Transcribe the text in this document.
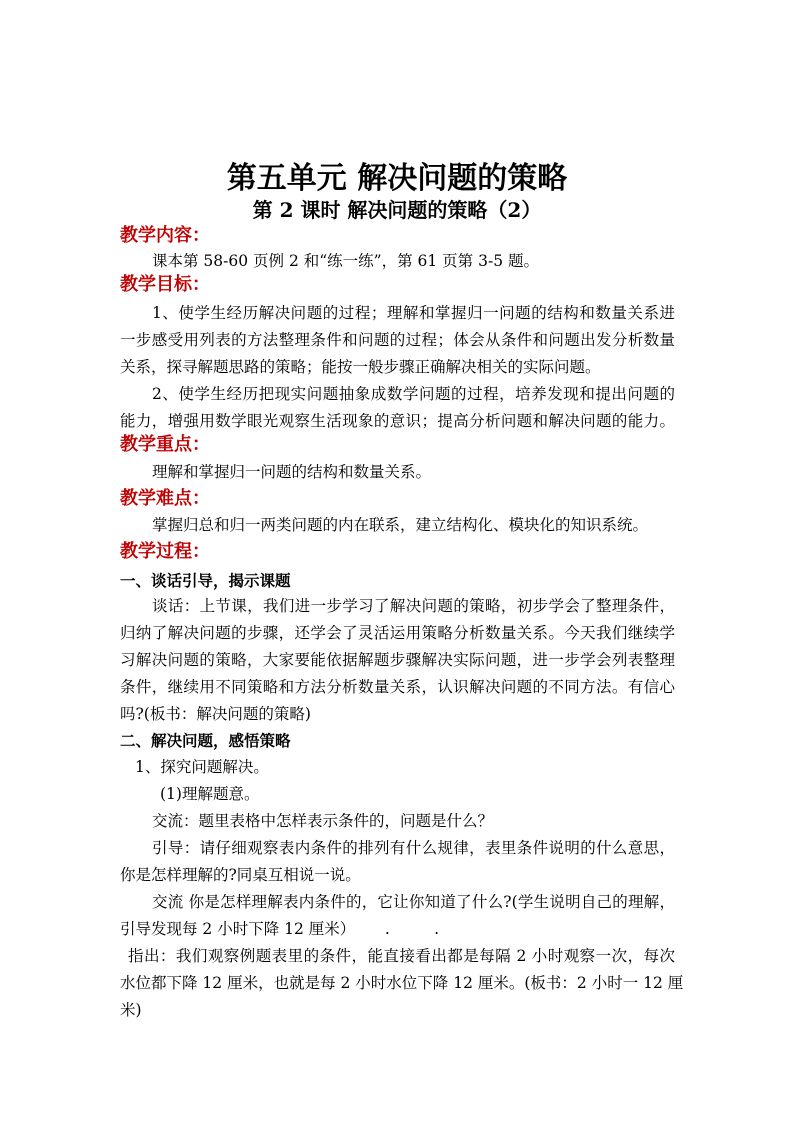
第五单元 解决问题的策略
第 2 课时 解决问题的策略（2）
教学内容：
课本第 58-60 页例 2 和“练一练”，第 61 页第 3-5 题。
教学目标：
1、使学生经历解决问题的过程；理解和掌握归一问题的结构和数量关系进
一步感受用列表的方法整理条件和问题的过程；体会从条件和问题出发分析数量
关系，探寻解题思路的策略；能按一般步骤正确解决相关的实际问题。
2、使学生经历把现实问题抽象成数学问题的过程，培养发现和提出问题的
能力，增强用数学眼光观察生活现象的意识；提高分析问题和解决问题的能力。
教学重点：
理解和掌握归一问题的结构和数量关系。
教学难点：
掌握归总和归一两类问题的内在联系，建立结构化、模块化的知识系统。
教学过程：
一、谈话引导，揭示课题
谈话：上节课，我们进一步学习了解决问题的策略，初步学会了整理条件，
归纳了解决问题的步骤，还学会了灵活运用策略分析数量关系。今天我们继续学
习解决问题的策略，大家要能依据解题步骤解决实际问题，进一步学会列表整理
条件，继续用不同策略和方法分析数量关系，认识解决问题的不同方法。有信心
吗?(板书：解决问题的策略)
二、解决问题，感悟策略
1、探究问题解决。
(1)理解题意。
交流：题里表格中怎样表示条件的，问题是什么？
引导：请仔细观察表内条件的排列有什么规律，表里条件说明的什么意思，
你是怎样理解的?同桌互相说一说。
交流 你是怎样理解表内条件的，它让你知道了什么?(学生说明自己的理解，
引导发现每 2 小时下降 12 厘米）      .         .
指出：我们观察例题表里的条件，能直接看出都是每隔 2 小时观察一次，每次
水位都下降 12 厘米，也就是每 2 小时水位下降 12 厘米。(板书：2 小时一 12 厘
米)
